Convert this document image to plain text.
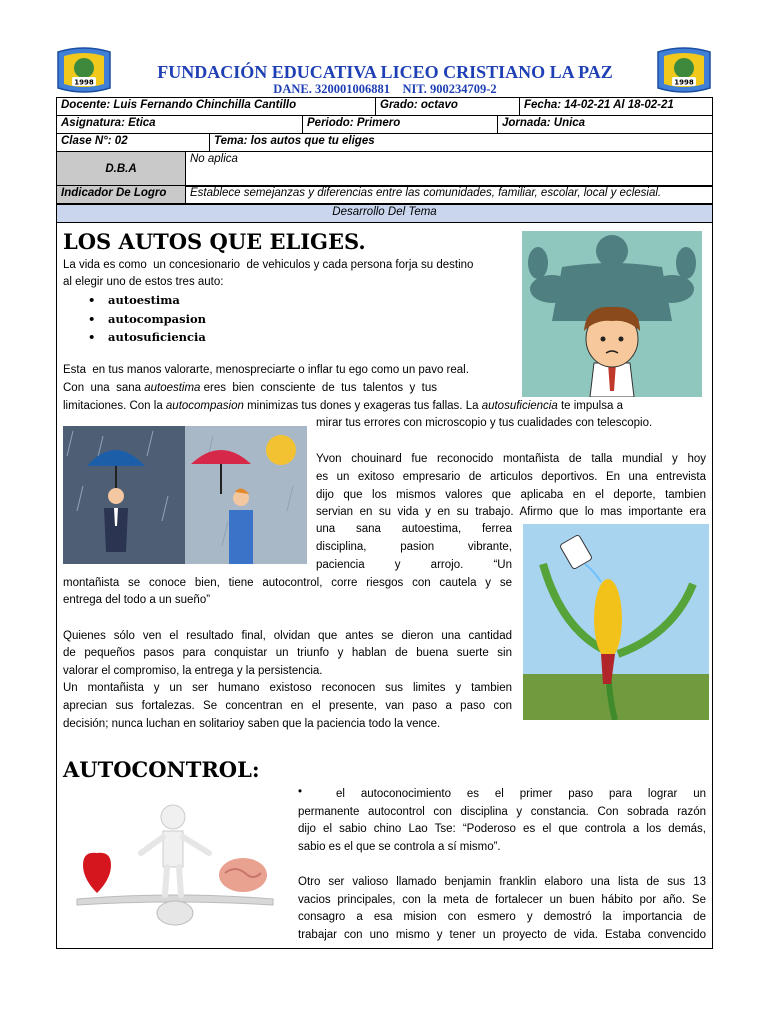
1998	1998
FUNDACIÓN EDUCATIVA LICEO CRISTIANO LA PAZ
DANE. 320001006881    NIT. 900234709-2
Docente: Luis Fernando Chinchilla Cantillo	Grado: octavo	Fecha: 14-02-21 Al 18-02-21
Asignatura: Etica	Periodo: Primero	Jornada: Unica
Clase N°: 02	Tema: los autos que tu eliges
D.B.A	No aplica
Indicador De Logro	Establece semejanzas y diferencias entre las comunidades, familiar, escolar, local y eclesial.
Desarrollo Del Tema
LOS AUTOS QUE ELIGES.
La vida es como  un concesionario  de vehiculos y cada persona forja su destino
al elegir uno de estos tres auto:
• autoestima
• autocompasion
• autosuficiencia
Esta  en tus manos valorarte, menospreciarte o inflar tu ego como un pavo real.
Con  una  sana autoestima eres  bien  consciente  de  tus  talentos  y  tus
limitaciones. Con la autocompasion minimizas tus dones y exageras tus fallas. La autosuficiencia te impulsa a
mirar tus errores con microscopio y tus cualidades con telescopio.
Yvon chouinard fue reconocido montañista de talla mundial y hoy
es un exitoso empresario de articulos deportivos. En una entrevista
dijo que los mismos valores que aplicaba en el deporte, tambien
servian en su vida y en su trabajo. Afirmo que lo mas importante era
una sana autoestima, ferrea
disciplina, pasion vibrante,
paciencia y arrojo. “Un
montañista se conoce bien, tiene autocontrol, corre riesgos con cautela y se
entrega del todo a un sueño”
Quienes sólo ven el resultado final, olvidan que antes se dieron una cantidad
de pequeños pasos para conquistar un triunfo y hablan de buena suerte sin
valorar el compromiso, la entrega y la persistencia.
Un montañista y un ser humano existoso reconocen sus limites y tambien
aprecian sus fortalezas. Se concentran en el presente, van paso a paso con
decisión; nunca luchan en solitarioy saben que la paciencia todo la vence.
AUTOCONTROL:
•	el autoconocimiento es el primer paso para lograr un
permanente autocontrol con disciplina y constancia. Con sobrada razón
dijo el sabio chino Lao Tse: “Poderoso es el que controla a los demás,
sabio es el que se controla a sí mismo”.
Otro ser valioso llamado benjamin franklin elaboro una lista de sus 13
vacios principales, con la meta de fortalecer un buen hábito por año. Se
consagro a esa mision con esmero y demostró la importancia de
trabajar con uno mismo y tener un proyecto de vida. Estaba convencido
